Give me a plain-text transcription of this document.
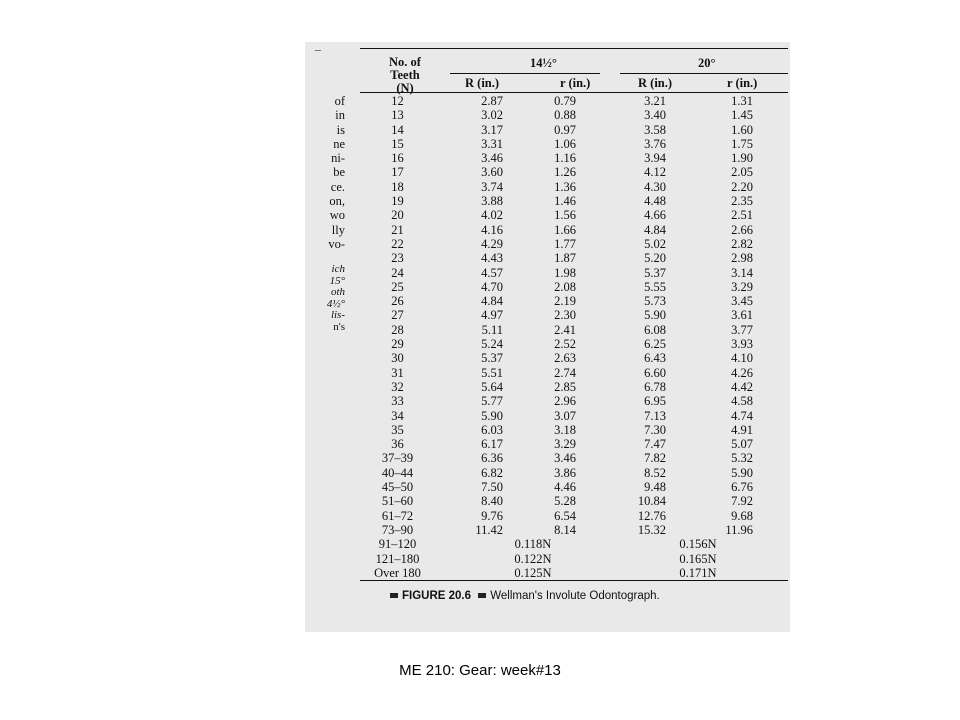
–
of
in
is
ne
ni-
be
ce.
on,
wo
lly
vo-
ich
15°
oth
4½°
lis-
n's
No. of
Teeth
(N)
14½°	20°
R (in.)	r (in.)	R (in.)	r (in.)
12	2.87	0.79	3.21	1.31
13	3.02	0.88	3.40	1.45
14	3.17	0.97	3.58	1.60
15	3.31	1.06	3.76	1.75
16	3.46	1.16	3.94	1.90
17	3.60	1.26	4.12	2.05
18	3.74	1.36	4.30	2.20
19	3.88	1.46	4.48	2.35
20	4.02	1.56	4.66	2.51
21	4.16	1.66	4.84	2.66
22	4.29	1.77	5.02	2.82
23	4.43	1.87	5.20	2.98
24	4.57	1.98	5.37	3.14
25	4.70	2.08	5.55	3.29
26	4.84	2.19	5.73	3.45
27	4.97	2.30	5.90	3.61
28	5.11	2.41	6.08	3.77
29	5.24	2.52	6.25	3.93
30	5.37	2.63	6.43	4.10
31	5.51	2.74	6.60	4.26
32	5.64	2.85	6.78	4.42
33	5.77	2.96	6.95	4.58
34	5.90	3.07	7.13	4.74
35	6.03	3.18	7.30	4.91
36	6.17	3.29	7.47	5.07
37–39	6.36	3.46	7.82	5.32
40–44	6.82	3.86	8.52	5.90
45–50	7.50	4.46	9.48	6.76
51–60	8.40	5.28	10.84	7.92
61–72	9.76	6.54	12.76	9.68
73–90	11.42	8.14	15.32	11.96
91–120	0.118N	0.156N
121–180	0.122N	0.165N
Over 180	0.125N	0.171N
FIGURE 20.6 Wellman's Involute Odontograph.
ME 210: Gear: week#13
